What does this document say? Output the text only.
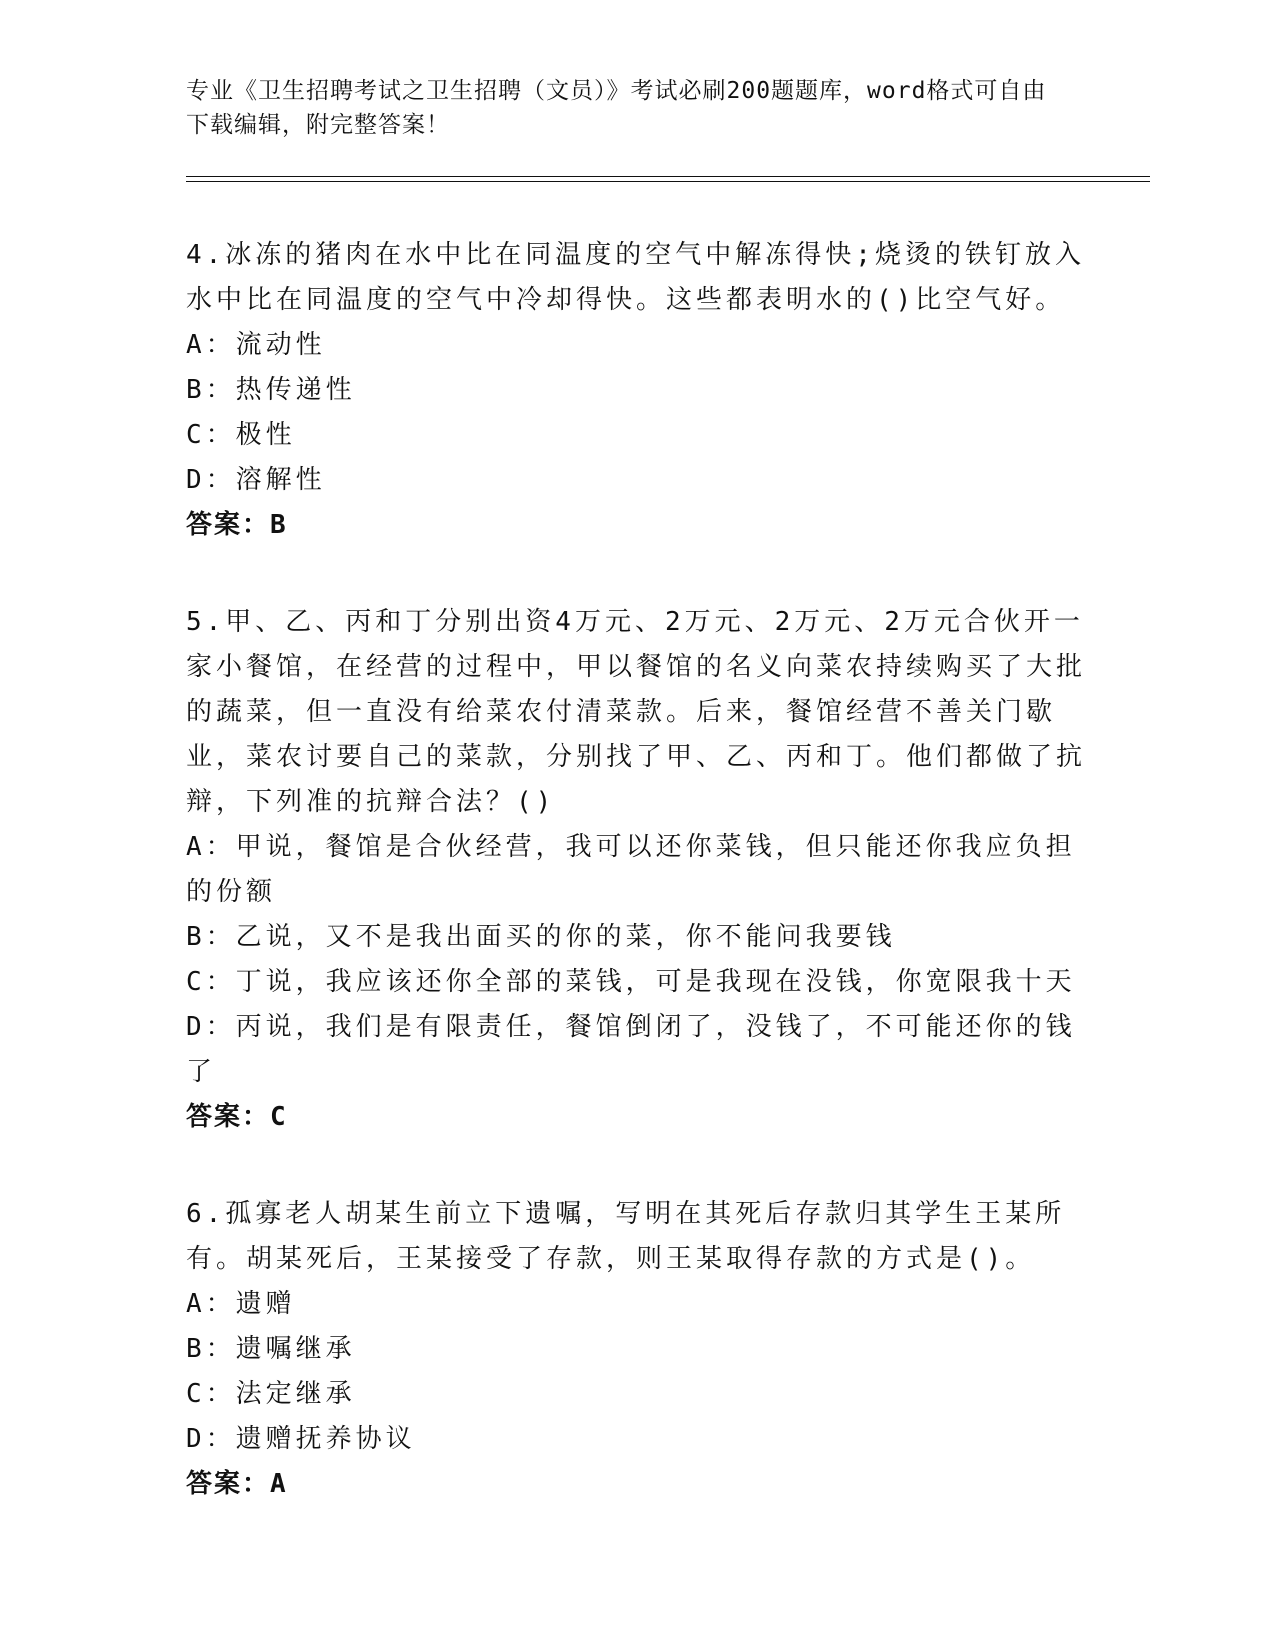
专业《卫生招聘考试之卫生招聘（文员）》考试必刷200题题库，word格式可自由下载编辑，附完整答案！
4.冰冻的猪肉在水中比在同温度的空气中解冻得快;烧烫的铁钉放入水中比在同温度的空气中冷却得快。这些都表明水的()比空气好。
A：流动性
B：热传递性
C：极性
D：溶解性
答案：B
5.甲、乙、丙和丁分别出资4万元、2万元、2万元、2万元合伙开一家小餐馆，在经营的过程中，甲以餐馆的名义向菜农持续购买了大批的蔬菜，但一直没有给菜农付清菜款。后来，餐馆经营不善关门歇业，菜农讨要自己的菜款，分别找了甲、乙、丙和丁。他们都做了抗辩，下列准的抗辩合法？()
A：甲说，餐馆是合伙经营，我可以还你菜钱，但只能还你我应负担的份额
B：乙说，又不是我出面买的你的菜，你不能问我要钱
C：丁说，我应该还你全部的菜钱，可是我现在没钱，你宽限我十天
D：丙说，我们是有限责任，餐馆倒闭了，没钱了，不可能还你的钱了
答案：C
6.孤寡老人胡某生前立下遗嘱，写明在其死后存款归其学生王某所有。胡某死后，王某接受了存款，则王某取得存款的方式是()。
A：遗赠
B：遗嘱继承
C：法定继承
D：遗赠抚养协议
答案：A
